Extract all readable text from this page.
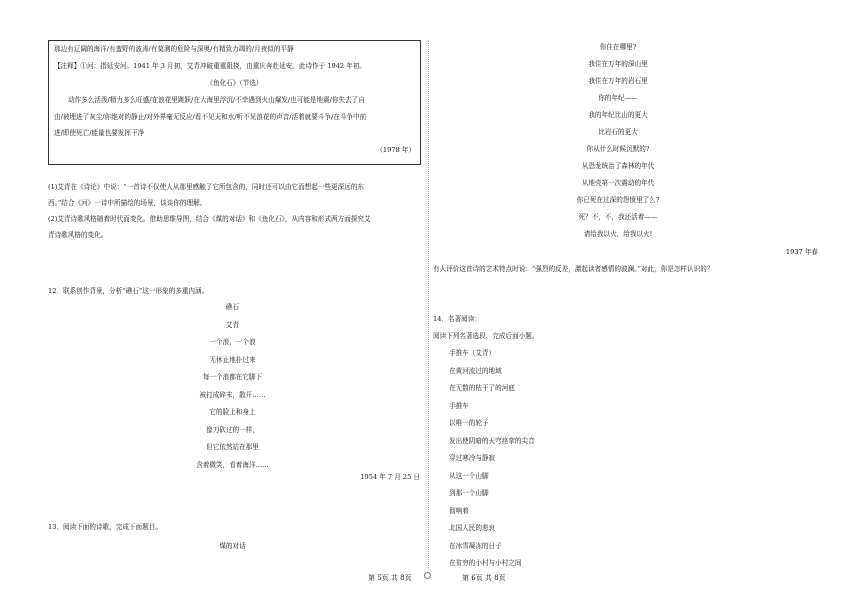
那边有辽阔的海洋/有蛮野的波涛/有莫测的危险与深奥/有精致力竭的/月夜似的平静

【注释】①河：指延安河。1941 年 3 月初，艾青冲破重重阻挠，由重庆奔赴延安。此诗作于 1942 年初。

《鱼化石》（节选）

动作多么活泼/精力多么旺盛/在浪花里跳跃/在大海里浮沉/不幸遇到火山爆发/也可能是地震/你失去了自

由/被埋进了灰尘/你绝对的静止/对外界毫无反应/看不见天和水/听不见浪花的声音/活着就要斗争/在斗争中前

进/即使死亡/能量也要发挥干净

（1978 年）

(1)艾青在《诗论》中说：“一首诗不仅使人从那里感触了它所包含的，同时还可以由它而想起一些更深远的东

西。”结合《河》一诗中所描绘的场景，谈谈你的理解。

(2)艾青诗歌风格随着时代而变化。借助思维导图，结合《煤的对话》和《鱼化石》，从内容和形式两方面探究艾

青诗歌风格的变化。

12．联系创作背景，分析“礁石”这一形象的多重内涵。

礁石
艾青
一个浪，一个浪
无休止地扑过来
每一个浪都在它脚下
被打成碎末，散开……
它的脸上和身上
像刀砍过的一样，
但它依然站在那里
含着微笑，看着海洋……

1954 年 7 月 25 日

13．阅读下面的诗歌，完成下面题目。

煤的对话

你住在哪里?
我住在万年的深山里
我住在万年的岩石里
你的年纪——
我的年纪比山的更大
比岩石的更大
你从什么时候沉默的?
从恐龙统治了森林的年代
从地壳第一次震动的年代
你已死在过深的怨愤里了么?
死？不，不，我还活着——
请给我以火，给我以火!

1937 年春

有人评价这首诗的艺术特点时说：“强烈的反差，激起读者感情的波澜。”对此，你是怎样认识的？

14．名著阅读：

阅读下列名著选段，完成后面小题。

手推车（艾青）
在黄河流过的地域
在无数的枯干了的河底
手推车
以唯一的轮子
发出使阴暗的天穹痉挛的尖音
穿过寒冷与静寂
从这一个山脚
到那一个山脚
彻响着
北国人民的悲哀
在冰雪凝冻的日子
在贫穷的小村与小村之间
第 5页 共 8页	第 6页 共 8页
